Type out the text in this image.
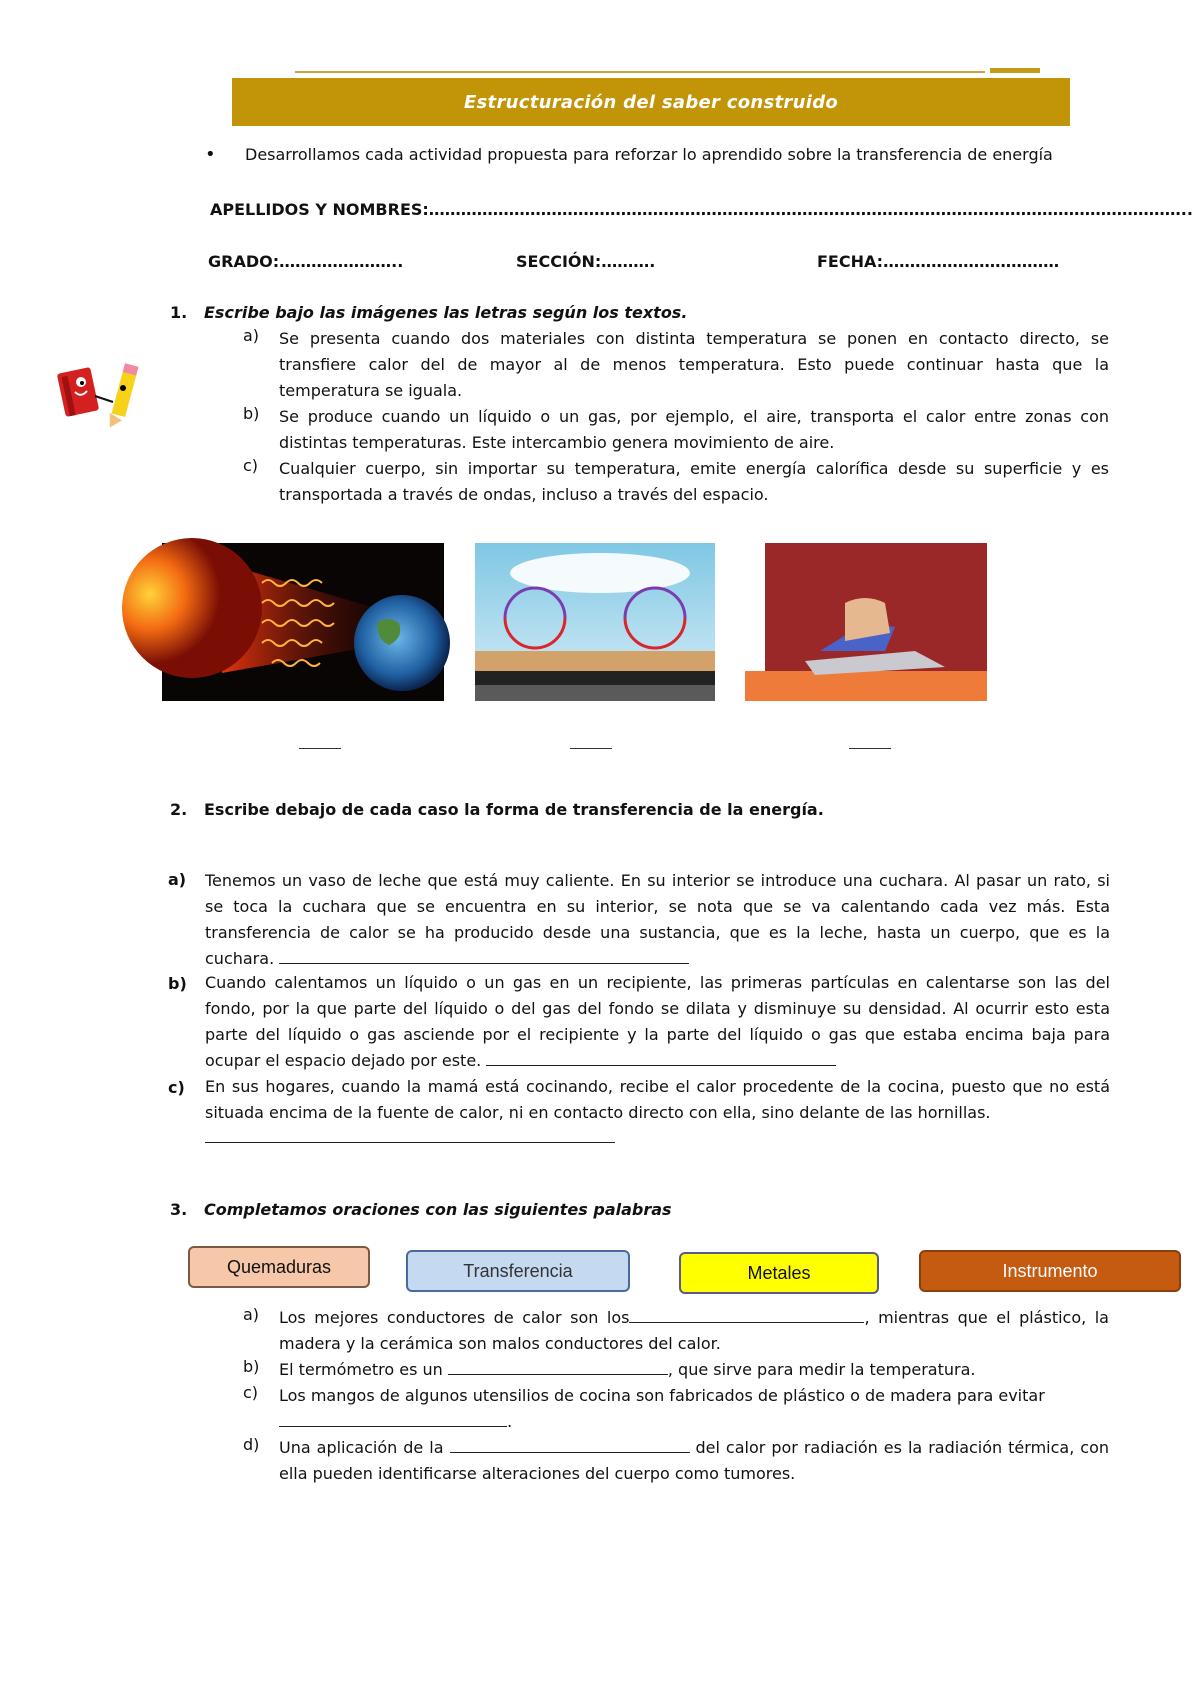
Estructuración del saber construido
• Desarrollamos cada actividad propuesta para reforzar lo aprendido sobre la transferencia de energía
APELLIDOS Y NOMBRES:……………………………………………………………………………………………………………………………..
GRADO:…………………..	SECCIÓN:……….	FECHA:……………………………
1. Escribe bajo las imágenes las letras según los textos.
a) Se presenta cuando dos materiales con distinta temperatura se ponen en contacto directo, se transfiere calor del de mayor al de menos temperatura. Esto puede continuar hasta que la temperatura se iguala.
b) Se produce cuando un líquido o un gas, por ejemplo, el aire, transporta el calor entre zonas con distintas temperaturas. Este intercambio genera movimiento de aire.
c) Cualquier cuerpo, sin importar su temperatura, emite energía calorífica desde su superficie y es transportada a través de ondas, incluso a través del espacio.
2. Escribe debajo de cada caso la forma de transferencia de la energía.
a) Tenemos un vaso de leche que está muy caliente. En su interior se introduce una cuchara. Al pasar un rato, si se toca la cuchara que se encuentra en su interior, se nota que se va calentando cada vez más. Esta transferencia de calor se ha producido desde una sustancia, que es la leche, hasta un cuerpo, que es la cuchara.
b) Cuando calentamos un líquido o un gas en un recipiente, las primeras partículas en calentarse son las del fondo, por la que parte del líquido o del gas del fondo se dilata y disminuye su densidad. Al ocurrir esto esta parte del líquido o gas asciende por el recipiente y la parte del líquido o gas que estaba encima baja para ocupar el espacio dejado por este.
c) En sus hogares, cuando la mamá está cocinando, recibe el calor procedente de la cocina, puesto que no está situada encima de la fuente de calor, ni en contacto directo con ella, sino delante de las hornillas.
3. Completamos oraciones con las siguientes palabras
Quemaduras	Transferencia	Metales	Instrumento
a) Los mejores conductores de calor son los	, mientras que el plástico, la madera y la cerámica son malos conductores del calor.
b) El termómetro es un	, que sirve para medir la temperatura.
c) Los mangos de algunos utensilios de cocina son fabricados de plástico o de madera para evitar
.
d) Una aplicación de la	del calor por radiación es la radiación térmica, con ella pueden identificarse alteraciones del cuerpo como tumores.
